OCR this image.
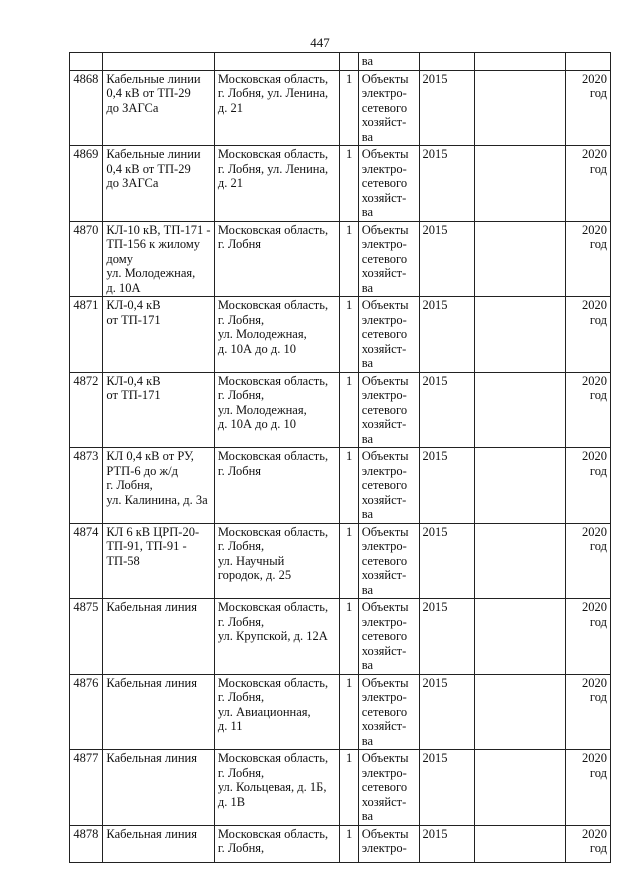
447
				ва			
4868	Кабельные линии
0,4 кВ от ТП-29
до ЗАГСа	Московская область,
г. Лобня, ул. Ленина,
д. 21	1	Объекты
электро-
сетевого
хозяйст-
ва	2015		2020
год
4869	Кабельные линии
0,4 кВ от ТП-29
до ЗАГСа	Московская область,
г. Лобня, ул. Ленина,
д. 21	1	Объекты
электро-
сетевого
хозяйст-
ва	2015		2020
год
4870	КЛ-10 кВ, ТП-171 -
ТП-156 к жилому
дому
ул. Молодежная,
д. 10А	Московская область,
г. Лобня	1	Объекты
электро-
сетевого
хозяйст-
ва	2015		2020
год
4871	КЛ-0,4 кВ
от ТП-171	Московская область,
г. Лобня,
ул. Молодежная,
д. 10А до д. 10	1	Объекты
электро-
сетевого
хозяйст-
ва	2015		2020
год
4872	КЛ-0,4 кВ
от ТП-171	Московская область,
г. Лобня,
ул. Молодежная,
д. 10А до д. 10	1	Объекты
электро-
сетевого
хозяйст-
ва	2015		2020
год
4873	КЛ 0,4 кВ от РУ,
РТП-6 до ж/д
г. Лобня,
ул. Калинина, д. 3а	Московская область,
г. Лобня	1	Объекты
электро-
сетевого
хозяйст-
ва	2015		2020
год
4874	КЛ 6 кВ ЦРП-20-
ТП-91, ТП-91 -
ТП-58	Московская область,
г. Лобня,
ул. Научный
городок, д. 25	1	Объекты
электро-
сетевого
хозяйст-
ва	2015		2020
год
4875	Кабельная линия	Московская область,
г. Лобня,
ул. Крупской, д. 12А	1	Объекты
электро-
сетевого
хозяйст-
ва	2015		2020
год
4876	Кабельная линия	Московская область,
г. Лобня,
ул. Авиационная,
д. 11	1	Объекты
электро-
сетевого
хозяйст-
ва	2015		2020
год
4877	Кабельная линия	Московская область,
г. Лобня,
ул. Кольцевая, д. 1Б,
д. 1В	1	Объекты
электро-
сетевого
хозяйст-
ва	2015		2020
год
4878	Кабельная линия	Московская область,
г. Лобня,	1	Объекты
электро-	2015		2020
год
